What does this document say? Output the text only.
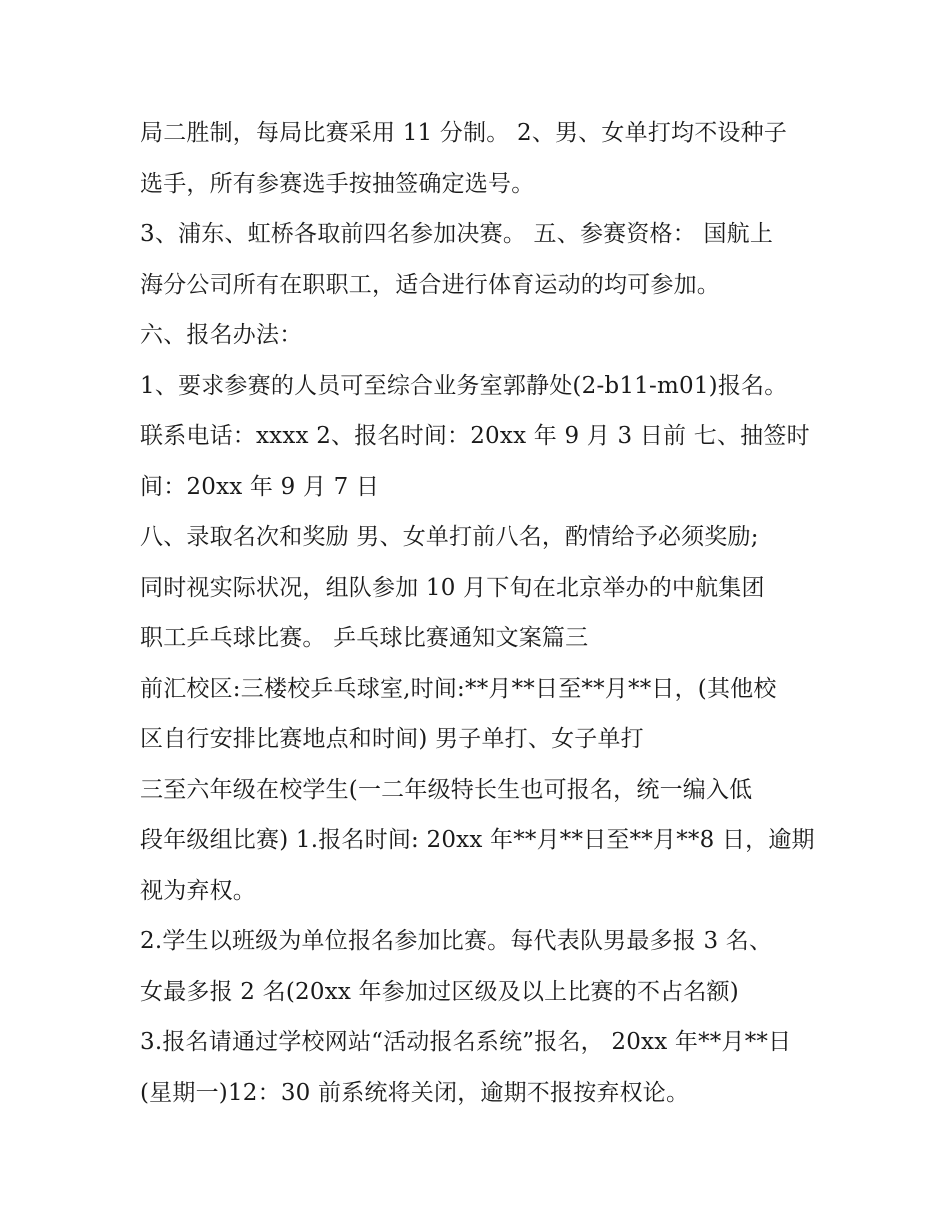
局二胜制，每局比赛采用 11 分制。 2、男、女单打均不设种子
选手，所有参赛选手按抽签确定选号。
3、浦东、虹桥各取前四名参加决赛。 五、参赛资格： 国航上
海分公司所有在职职工，适合进行体育运动的均可参加。
六、报名办法：
1、要求参赛的人员可至综合业务室郭静处(2-b11-m01)报名。
联系电话：xxxx 2、报名时间：20xx 年 9 月 3 日前 七、抽签时
间：20xx 年 9 月 7 日
八、录取名次和奖励 男、女单打前八名，酌情给予必须奖励;
同时视实际状况，组队参加 10 月下旬在北京举办的中航集团
职工乒乓球比赛。 乒乓球比赛通知文案篇三
前汇校区:三楼校乒乓球室,时间:**月**日至**月**日，(其他校
区自行安排比赛地点和时间) 男子单打、女子单打
三至六年级在校学生(一二年级特长生也可报名，统一编入低
段年级组比赛) 1.报名时间: 20xx 年**月**日至**月**8 日，逾期
视为弃权。
2.学生以班级为单位报名参加比赛。每代表队男最多报 3 名、
女最多报 2 名(20xx 年参加过区级及以上比赛的不占名额)
3.报名请通过学校网站“活动报名系统”报名， 20xx 年**月**日
(星期一)12：30 前系统将关闭，逾期不报按弃权论。
